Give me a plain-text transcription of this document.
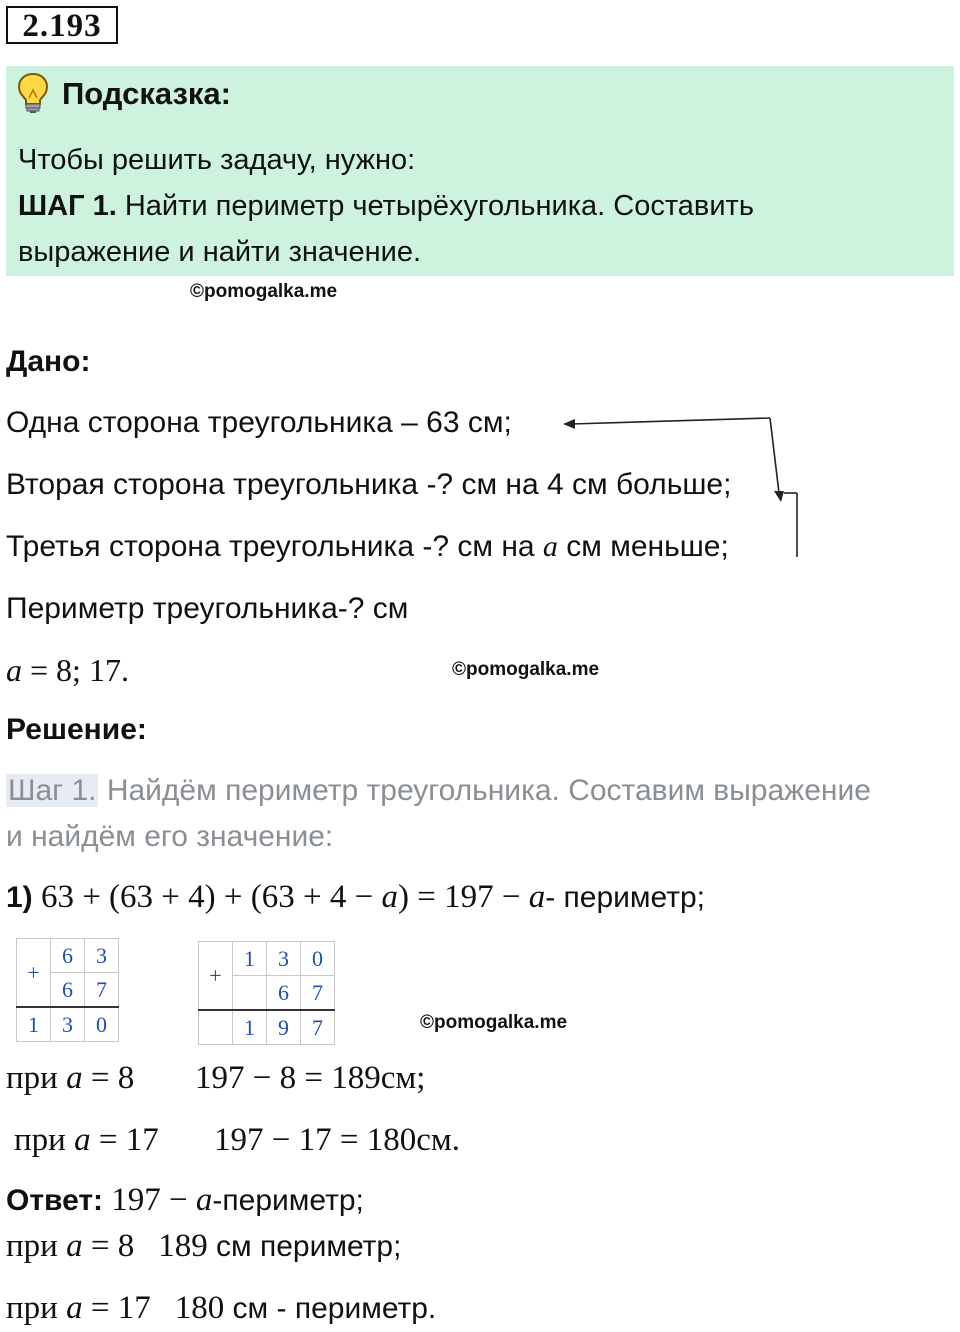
2.193
Подсказка:
Чтобы решить задачу, нужно:
ШАГ 1. Найти периметр четырёхугольника. Составить
выражение и найти значение.
©pomogalka.me
Дано:
Одна сторона треугольника – 63 см;
Вторая сторона треугольника -? см на 4 см больше;
Третья сторона треугольника -? см на a см меньше;
Периметр треугольника-? см
a = 8; 17.	©pomogalka.me
Решение:
Шаг 1. Найдём периметр треугольника. Составим выражение
и найдём его значение:
1) 63 + (63 + 4) + (63 + 4 − a) = 197 − a- периметр;
+	6	3
	6	7
1	3	0
+	1	3	0
		6	7
	1	9	7	©pomogalka.me
при a = 8 197 − 8 = 189см;
при a = 17 197 − 17 = 180см.
Ответ: 197 − a-периметр;
при a = 8 189 см периметр;
при a = 17 180 см - периметр.
